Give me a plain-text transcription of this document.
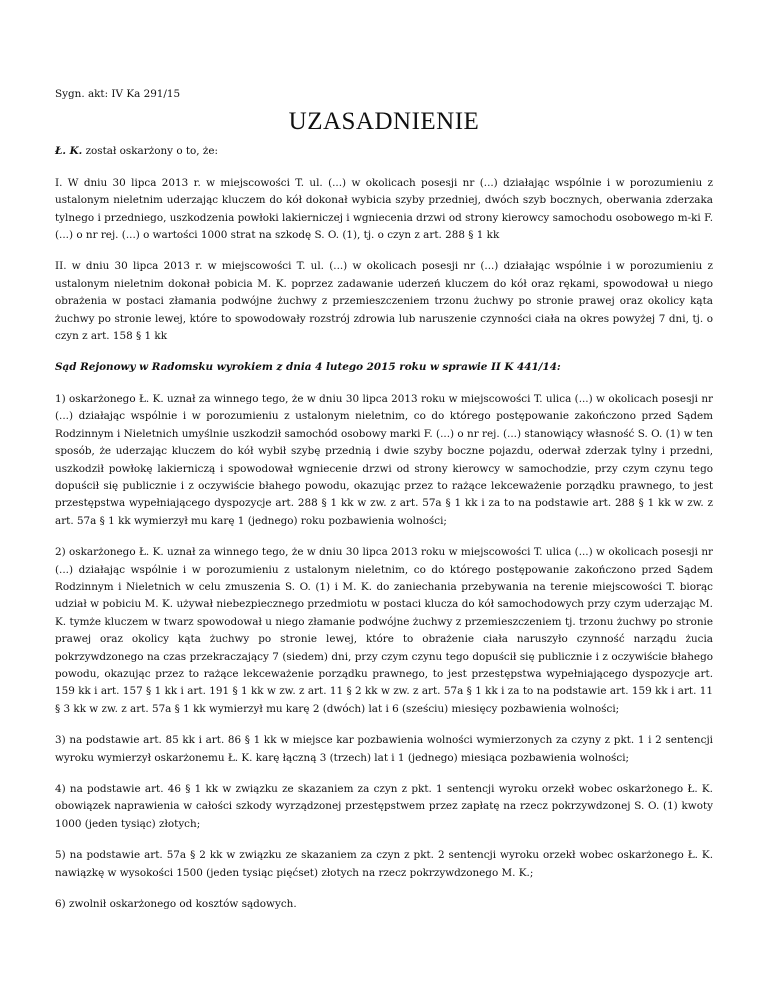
Sygn. akt: IV Ka 291/15

UZASADNIENIE

Ł. K. został oskarżony o to, że:

I. W dniu 30 lipca 2013 r. w miejscowości T. ul. (...) w okolicach posesji nr (...) działając wspólnie i w porozumieniu z ustalonym nieletnim uderzając kluczem do kół dokonał wybicia szyby przedniej, dwóch szyb bocznych, oberwania zderzaka tylnego i przedniego, uszkodzenia powłoki lakierniczej i wgniecenia drzwi od strony kierowcy samochodu osobowego m-ki F. (...) o nr rej. (...) o wartości 1000 strat na szkodę S. O. (1), tj. o czyn z art. 288 § 1 kk

II. w dniu 30 lipca 2013 r. w miejscowości T. ul. (...) w okolicach posesji nr (...) działając wspólnie i w porozumieniu z ustalonym nieletnim dokonał pobicia M. K. poprzez zadawanie uderzeń kluczem do kół oraz rękami, spowodował u niego obrażenia w postaci złamania podwójne żuchwy z przemieszczeniem trzonu żuchwy po stronie prawej oraz okolicy kąta żuchwy po stronie lewej, które to spowodowały rozstrój zdrowia lub naruszenie czynności ciała na okres powyżej 7 dni, tj. o czyn z art. 158 § 1 kk

Sąd Rejonowy w Radomsku wyrokiem z dnia 4 lutego 2015 roku w sprawie II K 441/14:

1) oskarżonego Ł. K. uznał za winnego tego, że w dniu 30 lipca 2013 roku w miejscowości T. ulica (...) w okolicach posesji nr (...) działając wspólnie i w porozumieniu z ustalonym nieletnim, co do którego postępowanie zakończono przed Sądem Rodzinnym i Nieletnich umyślnie uszkodził samochód osobowy marki F. (...) o nr rej. (...) stanowiący własność S. O. (1) w ten sposób, że uderzając kluczem do kół wybił szybę przednią i dwie szyby boczne pojazdu, oderwał zderzak tylny i przedni, uszkodził powłokę lakierniczą i spowodował wgniecenie drzwi od strony kierowcy w samochodzie, przy czym czynu tego dopuścił się publicznie i z oczywiście błahego powodu, okazując przez to rażące lekceważenie porządku prawnego, to jest przestępstwa wypełniającego dyspozycje art. 288 § 1 kk w zw. z art. 57a § 1 kk i za to na podstawie art. 288 § 1 kk w zw. z art. 57a § 1 kk wymierzył mu karę 1 (jednego) roku pozbawienia wolności;

2) oskarżonego Ł. K. uznał za winnego tego, że w dniu 30 lipca 2013 roku w miejscowości T. ulica (...) w okolicach posesji nr (...) działając wspólnie i w porozumieniu z ustalonym nieletnim, co do którego postępowanie zakończono przed Sądem Rodzinnym i Nieletnich w celu zmuszenia S. O. (1) i M. K. do zaniechania przebywania na terenie miejscowości T. biorąc udział w pobiciu M. K. używał niebezpiecznego przedmiotu w postaci klucza do kół samochodowych przy czym uderzając M. K. tymże kluczem w twarz spowodował u niego złamanie podwójne żuchwy z przemieszczeniem tj. trzonu żuchwy po stronie prawej oraz okolicy kąta żuchwy po stronie lewej, które to obrażenie ciała naruszyło czynność narządu żucia pokrzywdzonego na czas przekraczający 7 (siedem) dni, przy czym czynu tego dopuścił się publicznie i z oczywiście błahego powodu, okazując przez to rażące lekceważenie porządku prawnego, to jest przestępstwa wypełniającego dyspozycje art. 159 kk i art. 157 § 1 kk i art. 191 § 1 kk w zw. z art. 11 § 2 kk w zw. z art. 57a § 1 kk i za to na podstawie art. 159 kk i art. 11 § 3 kk w zw. z art. 57a § 1 kk wymierzył mu karę 2 (dwóch) lat i 6 (sześciu) miesięcy pozbawienia wolności;

3) na podstawie art. 85 kk i art. 86 § 1 kk w miejsce kar pozbawienia wolności wymierzonych za czyny z pkt. 1 i 2 sentencji wyroku wymierzył oskarżonemu Ł. K. karę łączną 3 (trzech) lat i 1 (jednego) miesiąca pozbawienia wolności;

4) na podstawie art. 46 § 1 kk w związku ze skazaniem za czyn z pkt. 1 sentencji wyroku orzekł wobec oskarżonego Ł. K. obowiązek naprawienia w całości szkody wyrządzonej przestępstwem przez zapłatę na rzecz pokrzywdzonej S. O. (1) kwoty 1000 (jeden tysiąc) złotych;

5) na podstawie art. 57a § 2 kk w związku ze skazaniem za czyn z pkt. 2 sentencji wyroku orzekł wobec oskarżonego Ł. K. nawiązkę w wysokości 1500 (jeden tysiąc pięćset) złotych na rzecz pokrzywdzonego M. K.;

6) zwolnił oskarżonego od kosztów sądowych.
